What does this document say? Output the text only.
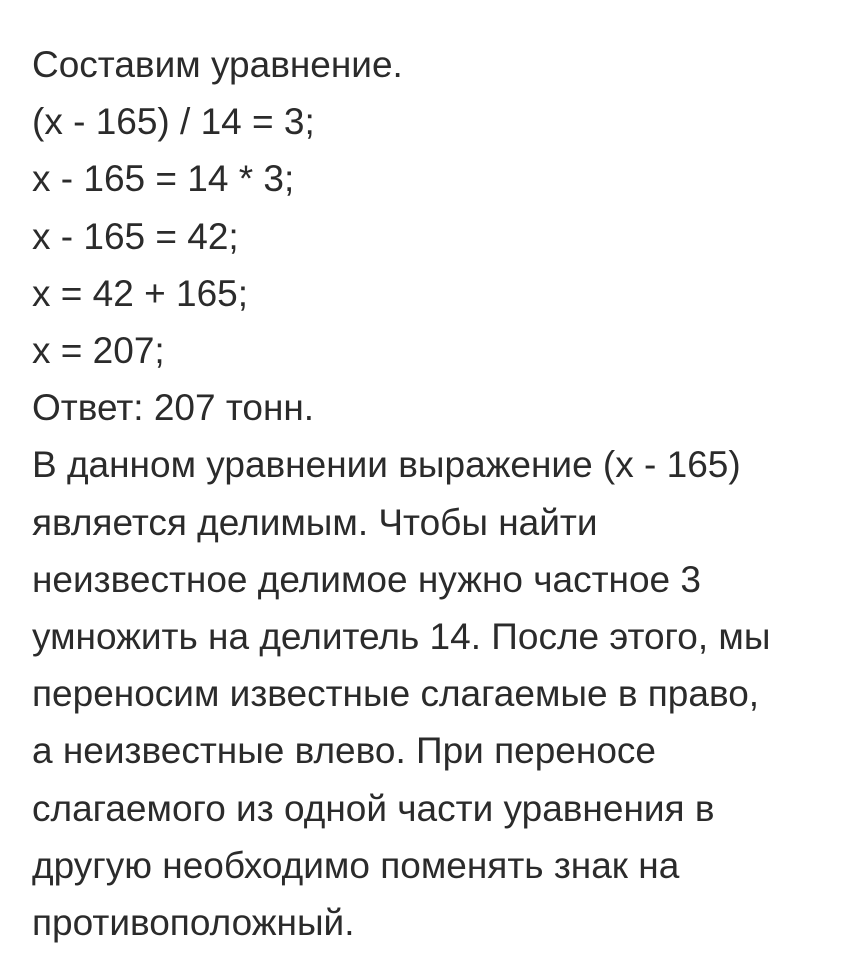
Составим уравнение.
(х - 165) / 14 = 3;
х - 165 = 14 * 3;
х - 165 = 42;
х = 42 + 165;
х = 207;
Ответ: 207 тонн.
В данном уравнении выражение (х - 165)
является делимым. Чтобы найти
неизвестное делимое нужно частное 3
умножить на делитель 14. После этого, мы
переносим известные слагаемые в право,
а неизвестные влево. При переносе
слагаемого из одной части уравнения в
другую необходимо поменять знак на
противоположный.
